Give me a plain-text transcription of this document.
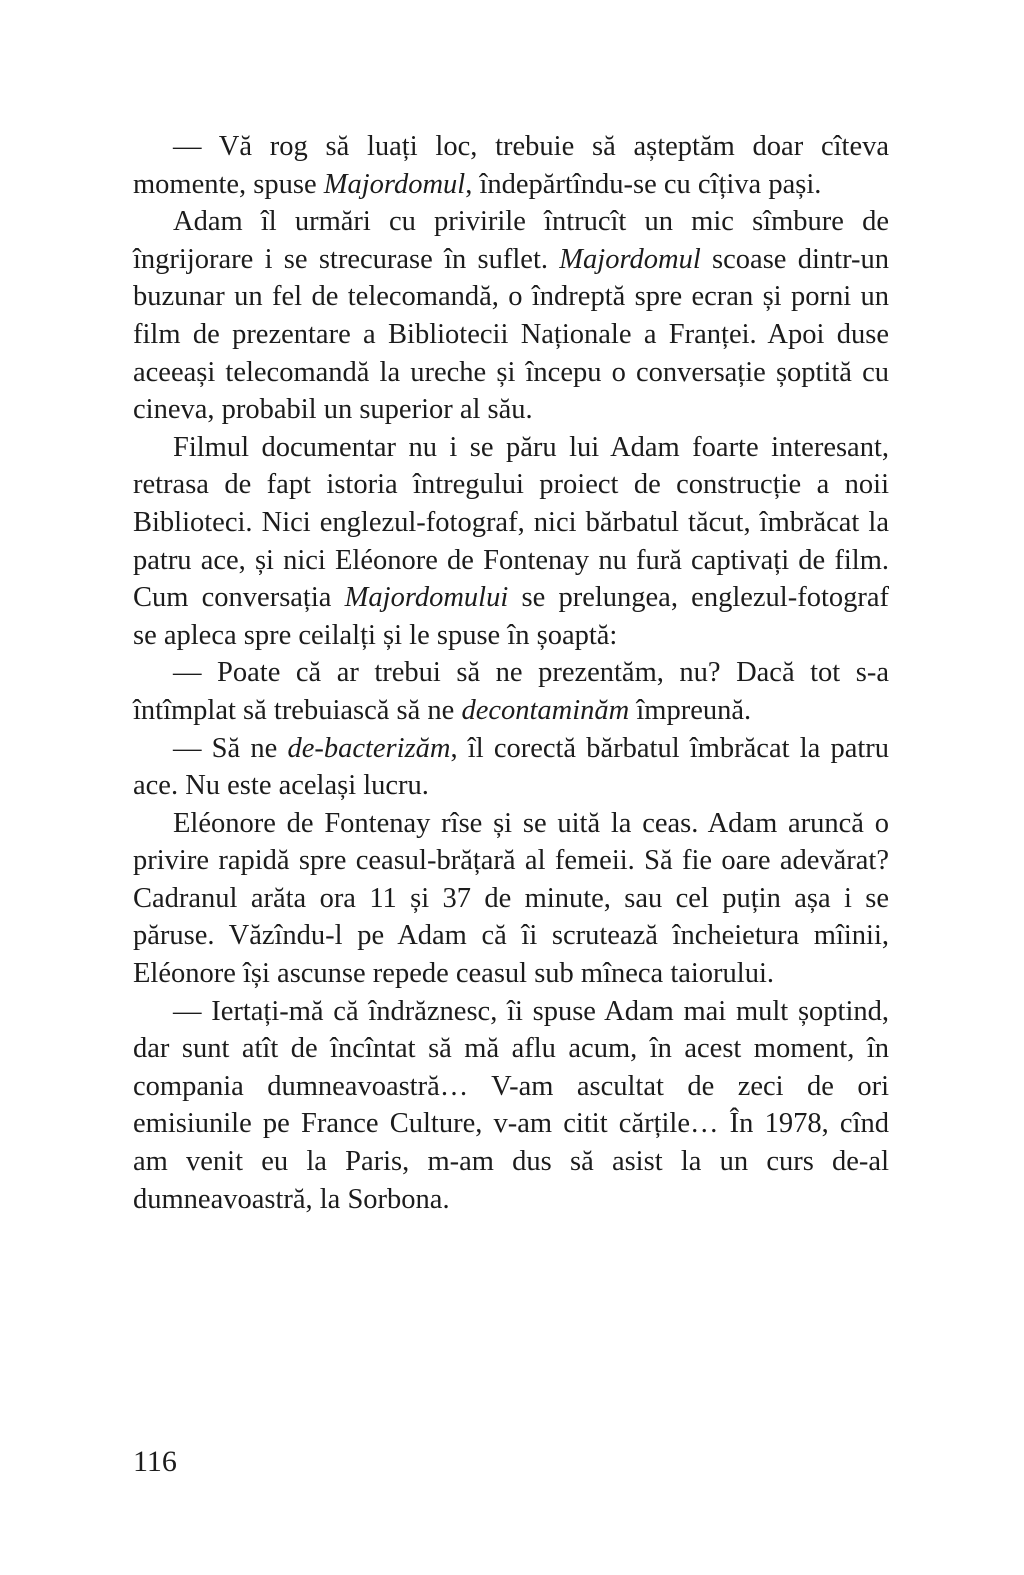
— Vă rog să luați loc, trebuie să așteptăm doar cîteva momente, spuse Majordomul, îndepărtîndu-se cu cîțiva pași.

Adam îl urmări cu privirile întrucît un mic sîmbure de îngrijorare i se strecurase în suflet. Majordomul scoase dintr-un buzunar un fel de telecomandă, o îndreptă spre ecran și porni un film de prezentare a Bibliotecii Naționale a Franței. Apoi duse aceeași telecomandă la ureche și începu o conversație șoptită cu cineva, probabil un superior al său.

Filmul documentar nu i se păru lui Adam foarte interesant, retrasa de fapt istoria întregului proiect de construcție a noii Biblioteci. Nici englezul-fotograf, nici bărbatul tăcut, îmbrăcat la patru ace, și nici Eléonore de Fontenay nu fură captivați de film. Cum conversația Majordomului se prelungea, englezul-fotograf se apleca spre ceilalți și le spuse în șoaptă:

— Poate că ar trebui să ne prezentăm, nu? Dacă tot s-a întîmplat să trebuiască să ne decontaminăm împreună.

— Să ne de-bacterizăm, îl corectă bărbatul îmbrăcat la patru ace. Nu este același lucru.

Eléonore de Fontenay rîse și se uită la ceas. Adam aruncă o privire rapidă spre ceasul-brățară al femeii. Să fie oare adevărat? Cadranul arăta ora 11 și 37 de minute, sau cel puțin așa i se păruse. Văzîndu-l pe Adam că îi scrutează încheietura mîinii, Eléonore își ascunse repede ceasul sub mîneca taiorului.

— Iertați-mă că îndrăznesc, îi spuse Adam mai mult șoptind, dar sunt atît de încîntat să mă aflu acum, în acest moment, în compania dumneavoastră… V-am ascultat de zeci de ori emisiunile pe France Culture, v-am citit cărțile… În 1978, cînd am venit eu la Paris, m-am dus să asist la un curs de-al dumneavoastră, la Sorbona.

116
